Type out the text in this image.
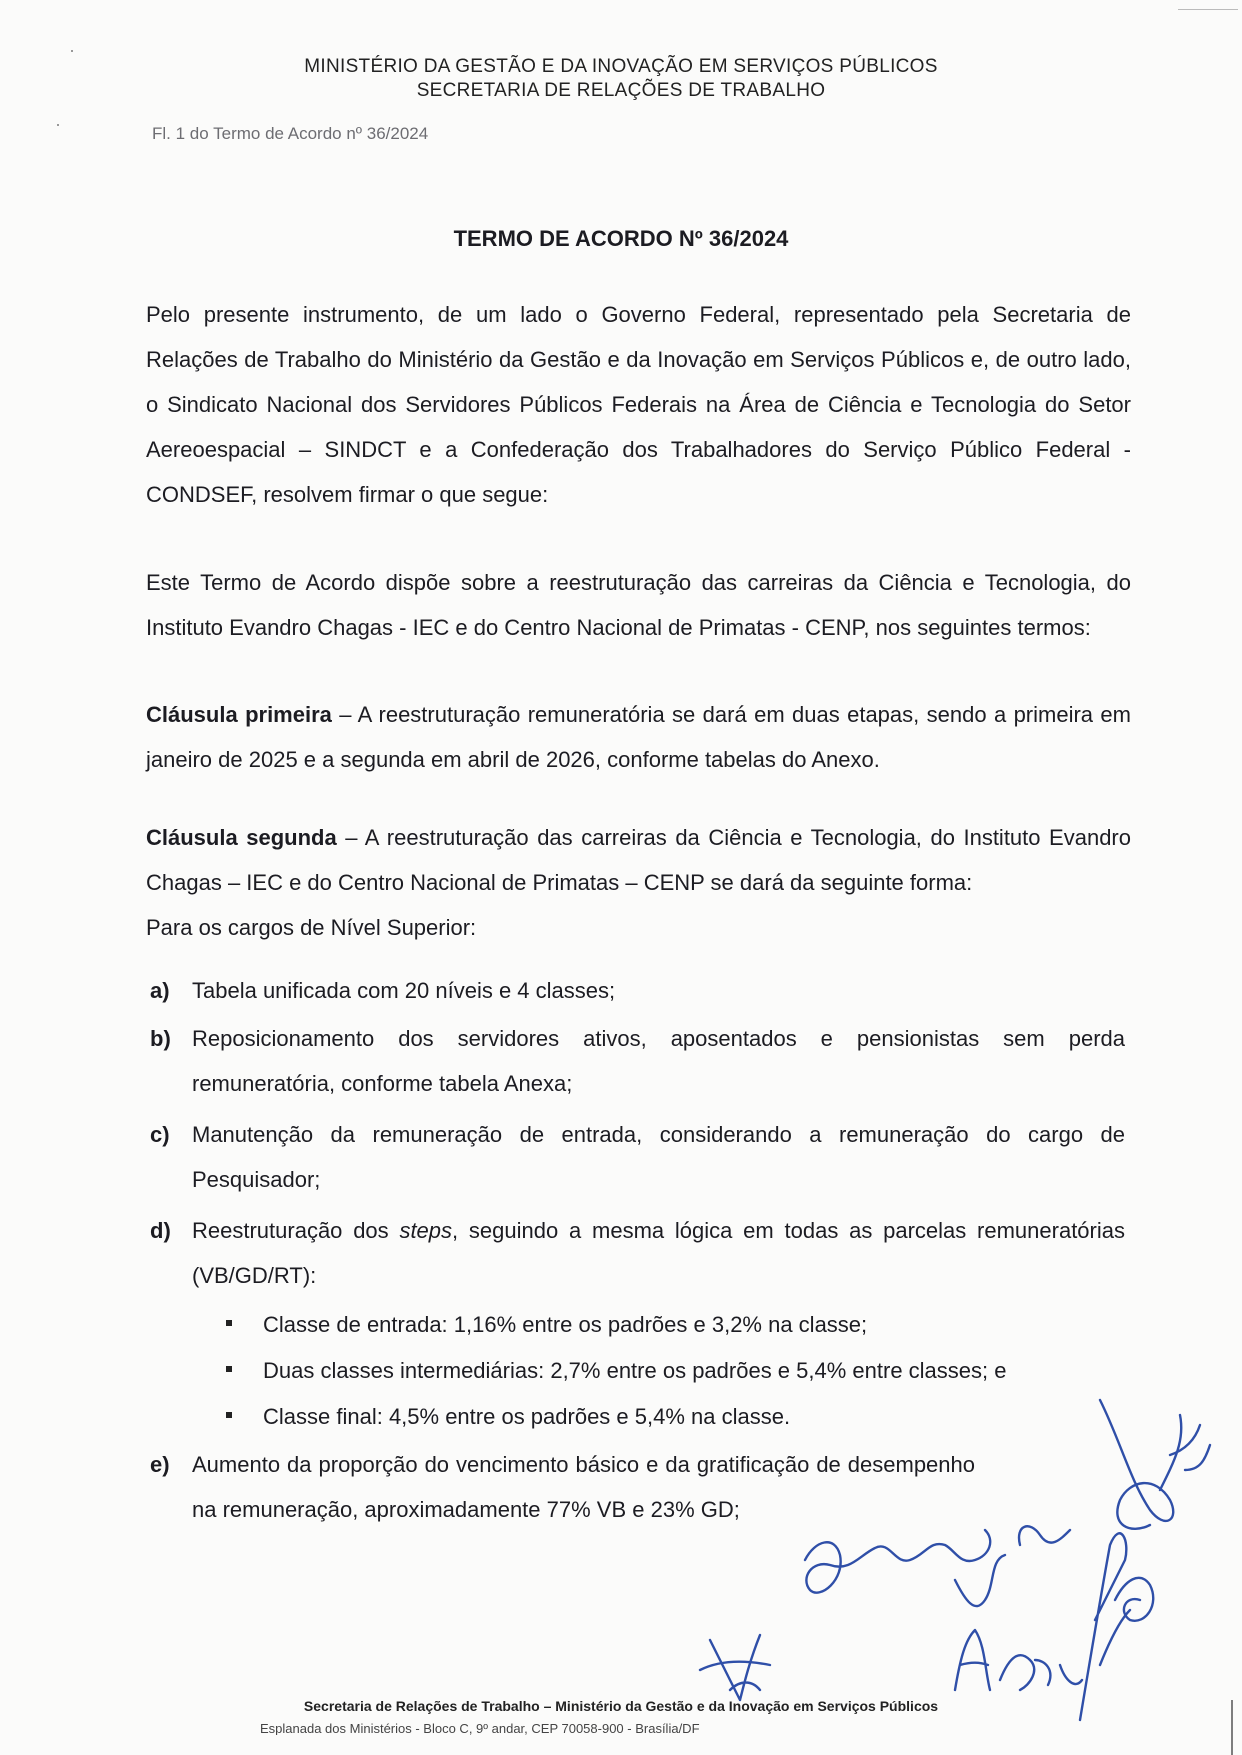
MINISTÉRIO DA GESTÃO E DA INOVAÇÃO EM SERVIÇOS PÚBLICOS
SECRETARIA DE RELAÇÕES DE TRABALHO
Fl. 1 do Termo de Acordo nº 36/2024
TERMO DE ACORDO Nº 36/2024

Pelo presente instrumento, de um lado o Governo Federal, representado pela Secretaria de Relações de Trabalho do Ministério da Gestão e da Inovação em Serviços Públicos e, de outro lado, o Sindicato Nacional dos Servidores Públicos Federais na Área de Ciência e Tecnologia do Setor Aereoespacial – SINDCT e a Confederação dos Trabalhadores do Serviço Público Federal - CONDSEF, resolvem firmar o que segue:

Este Termo de Acordo dispõe sobre a reestruturação das carreiras da Ciência e Tecnologia, do Instituto Evandro Chagas - IEC e do Centro Nacional de Primatas - CENP, nos seguintes termos:

Cláusula primeira – A reestruturação remuneratória se dará em duas etapas, sendo a primeira em janeiro de 2025 e a segunda em abril de 2026, conforme tabelas do Anexo.

Cláusula segunda – A reestruturação das carreiras da Ciência e Tecnologia, do Instituto Evandro Chagas – IEC e do Centro Nacional de Primatas – CENP se dará da seguinte forma:

Para os cargos de Nível Superior:

a) Tabela unificada com 20 níveis e 4 classes;
b) Reposicionamento dos servidores ativos, aposentados e pensionistas sem perda remuneratória, conforme tabela Anexa;
c) Manutenção da remuneração de entrada, considerando a remuneração do cargo de Pesquisador;
d) Reestruturação dos steps, seguindo a mesma lógica em todas as parcelas remuneratórias (VB/GD/RT):
Classe de entrada: 1,16% entre os padrões e 3,2% na classe;
Duas classes intermediárias: 2,7% entre os padrões e 5,4% entre classes; e
Classe final: 4,5% entre os padrões e 5,4% na classe.
e) Aumento da proporção do vencimento básico e da gratificação de desempenho na remuneração, aproximadamente 77% VB e 23% GD;
Secretaria de Relações de Trabalho – Ministério da Gestão e da Inovação em Serviços Públicos
Esplanada dos Ministérios - Bloco C, 9º andar, CEP 70058-900 - Brasília/DF
